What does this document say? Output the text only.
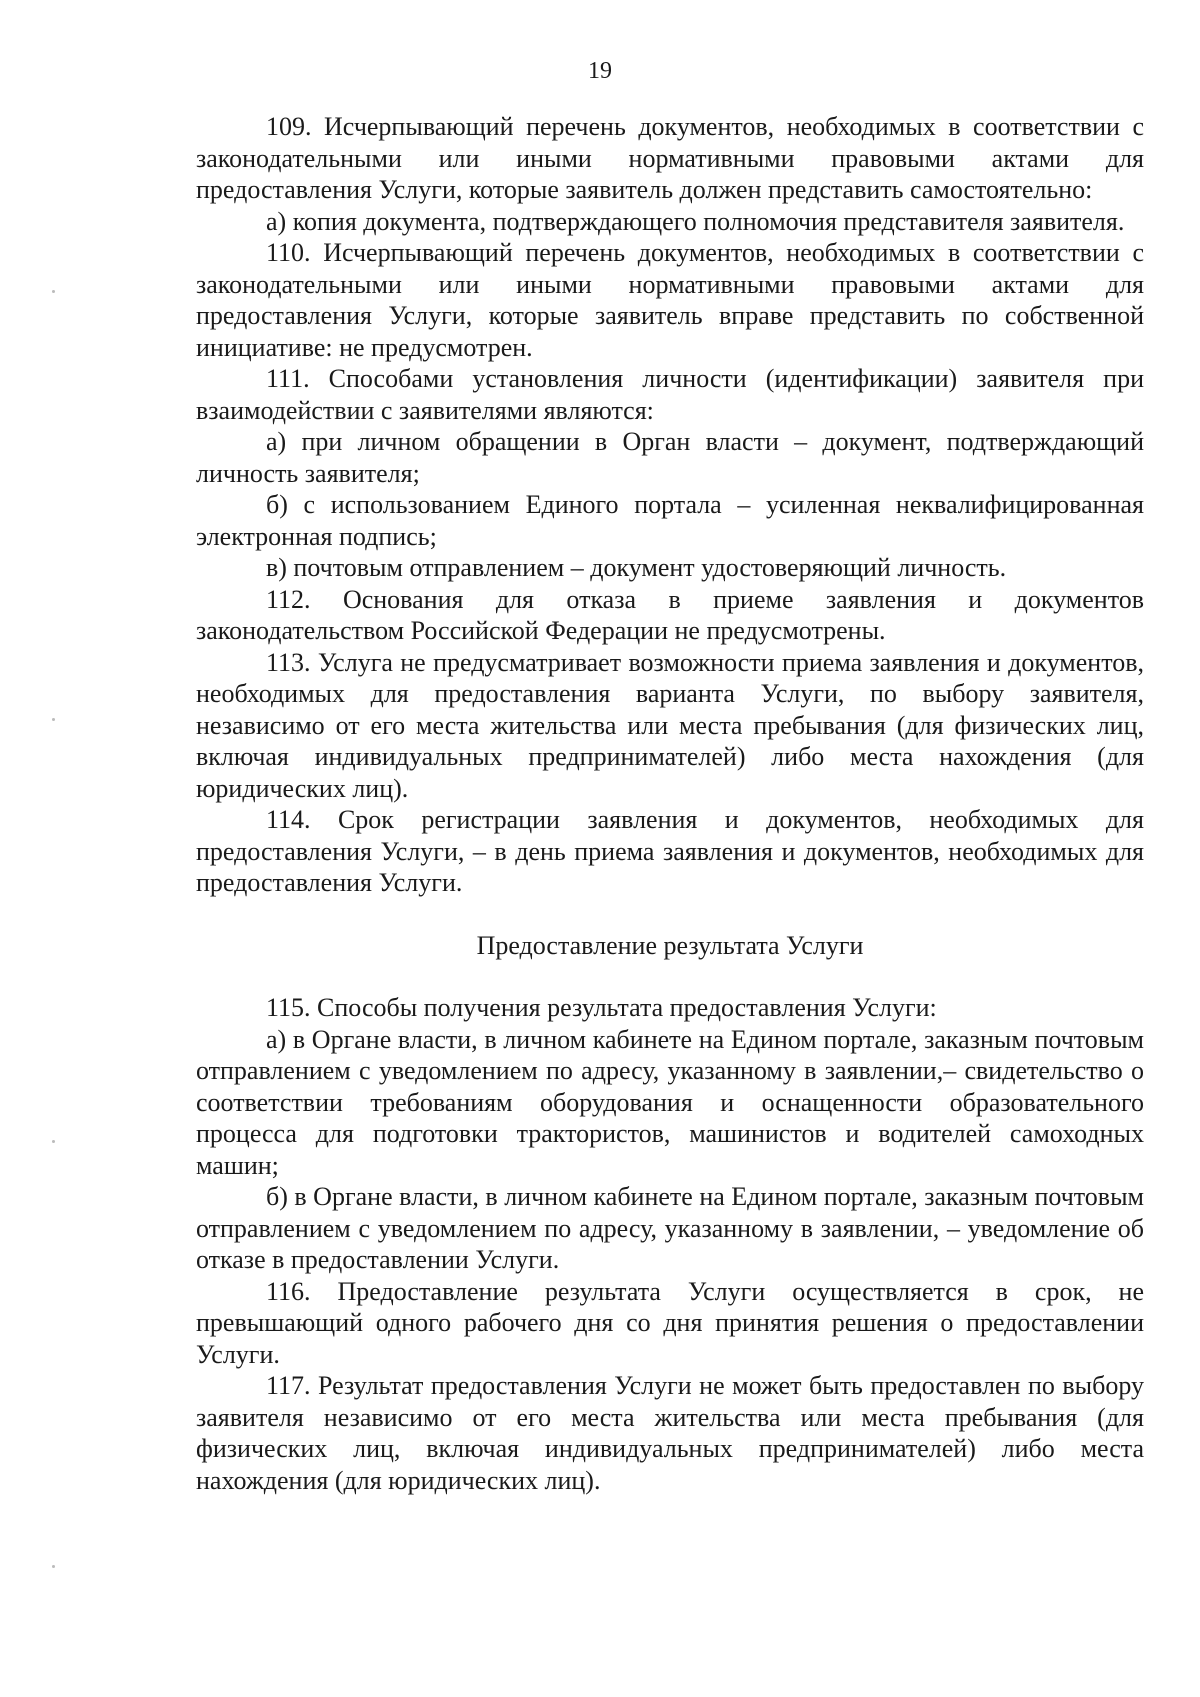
19

109. Исчерпывающий перечень документов, необходимых в соответствии с законодательными или иными нормативными правовыми актами для предоставления Услуги, которые заявитель должен представить самостоятельно:

а) копия документа, подтверждающего полномочия представителя заявителя.

110. Исчерпывающий перечень документов, необходимых в соответствии с законодательными или иными нормативными правовыми актами для предоставления Услуги, которые заявитель вправе представить по собственной инициативе: не предусмотрен.

111. Способами установления личности (идентификации) заявителя при взаимодействии с заявителями являются:

а) при личном обращении в Орган власти – документ, подтверждающий личность заявителя;

б) с использованием Единого портала – усиленная неквалифицированная электронная подпись;

в) почтовым отправлением – документ удостоверяющий личность.

112. Основания для отказа в приеме заявления и документов законодательством Российской Федерации не предусмотрены.

113. Услуга не предусматривает возможности приема заявления и документов, необходимых для предоставления варианта Услуги, по выбору заявителя, независимо от его места жительства или места пребывания (для физических лиц, включая индивидуальных предпринимателей) либо места нахождения (для юридических лиц).

114. Срок регистрации заявления и документов, необходимых для предоставления Услуги, – в день приема заявления и документов, необходимых для предоставления Услуги.

Предоставление результата Услуги

115. Способы получения результата предоставления Услуги:

а) в Органе власти, в личном кабинете на Едином портале, заказным почтовым отправлением с уведомлением по адресу, указанному в заявлении,– свидетельство о соответствии требованиям оборудования и оснащенности образовательного процесса для подготовки трактористов, машинистов и водителей самоходных машин;

б) в Органе власти, в личном кабинете на Едином портале, заказным почтовым отправлением с уведомлением по адресу, указанному в заявлении, – уведомление об отказе в предоставлении Услуги.

116. Предоставление результата Услуги осуществляется в срок, не превышающий одного рабочего дня со дня принятия решения о предоставлении Услуги.

117. Результат предоставления Услуги не может быть предоставлен по выбору заявителя независимо от его места жительства или места пребывания (для физических лиц, включая индивидуальных предпринимателей) либо места нахождения (для юридических лиц).
